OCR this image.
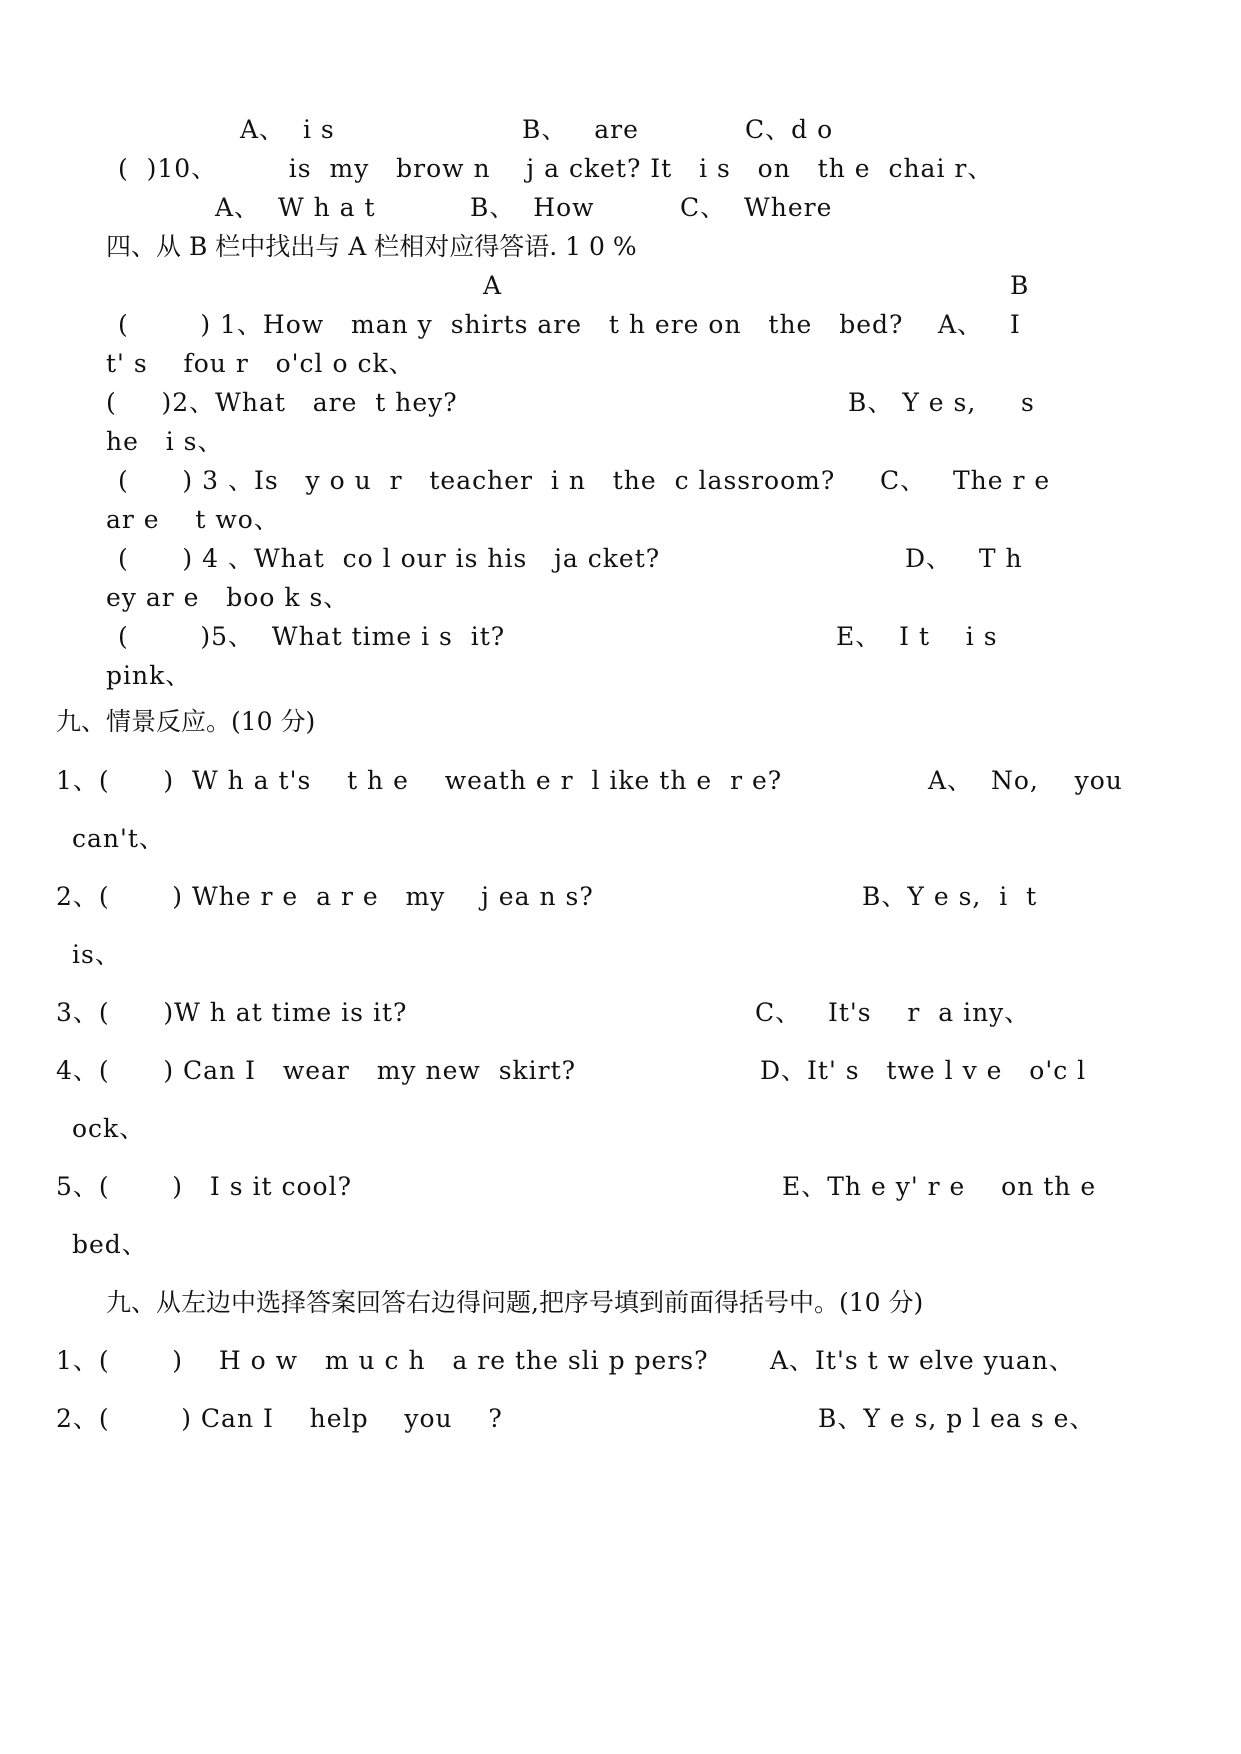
A、  i s	B、   are	C、d o
(  )10、        is  my   brow n    j a cket? It   i s   on   th e  chai r、
A、  W h a t	B、  How	C、  Where
四、从 B 栏中找出与 A 栏相对应得答语. 1 0 %
A	B
(        ) 1、How   man y  shirts are   t h ere on   the   bed? A、   I
t' s    fou r   o'cl o ck、
(     )2、What   are  t hey?	B、 Y e s,     s
he   i s、
(      ) 3 、Is   y o u  r   teacher  i n   the  c lassroom? C、   The r e
ar e    t wo、
(      ) 4 、What  co l our is his   ja cket?	D、   T h
ey ar e   boo k s、
(        )5、  What time i s  it?	E、  I t    i s
pink、
九、情景反应。(10 分)
1、(      )  W h a t's    t h e    weath e r  l ike th e  r e?	A、  No,    you
can't、
2、(       ) Whe r e  a r e   my    j ea n s?	B、Y e s,  i  t
is、
3、(      )W h at time is it?	C、   It's    r  a iny、
4、(      ) Can I   wear   my new  skirt?	D、It' s   twe l v e   o'c l
ock、
5、(       )   I s it cool?	E、Th e y' r e    on th e
bed、
九、从左边中选择答案回答右边得问题,把序号填到前面得括号中。(10 分)
1、(       )    H o w   m u c h   a re the sli p pers? A、It's t w elve yuan、
2、(        ) Can I    help    you    ?	B、Y e s, p l ea s e、
